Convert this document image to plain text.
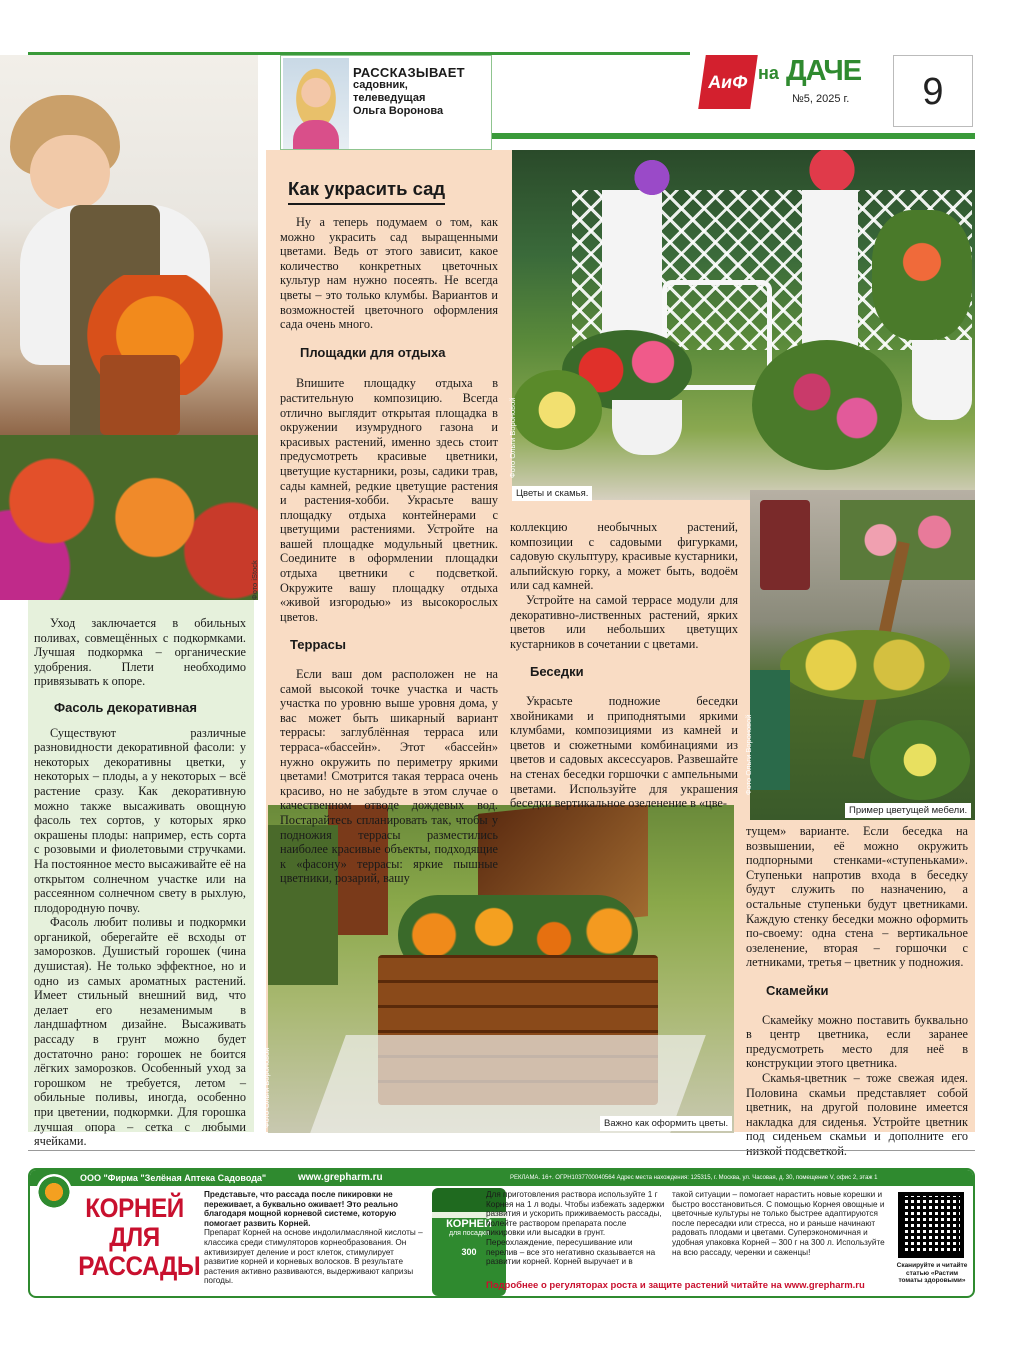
РАССКАЗЫВАЕТ
садовник,
телеведущая
Ольга Воронова
АиФ на ДАЧЕ
№5, 2025 г.	9
Фото iStock

Уход заключается в обильных поливах, совмещённых с подкормками. Лучшая подкормка – органические удобрения. Плети необходимо привязывать к опоре.

Фасоль декоративная

Существуют различные разновидности декоративной фасоли: у некоторых декоративны цветки, у некоторых – плоды, а у некоторых – всё растение сразу. Как декоративную можно также высаживать овощную фасоль тех сортов, у которых ярко окрашены плоды: например, есть сорта с розовыми и фиолетовыми стручками. На постоянное место высаживайте её на открытом солнечном участке или на рассеянном солнечном свету в рыхлую, плодородную почву.

Фасоль любит поливы и подкормки органикой, оберегайте её всходы от заморозков. Душистый горошек (чина душистая). Не только эффектное, но и одно из самых ароматных растений. Имеет стильный внешний вид, что делает его незаменимым в ландшафтном дизайне. Высаживать рассаду в грунт можно будет достаточно рано: горошек не боится лёгких заморозков. Особенный уход за горошком не требуется, летом – обильные поливы, иногда, особенно при цветении, подкормки. Для горошка лучшая опора – сетка с любыми ячейками.

Цветы и скамья.
Фото Ольги Вороновой
Пример цветущей мебели.
Фото Ольги Вороновой
Важно как оформить цветы.
Фото Ольги Вороновой
Как украсить сад

Ну а теперь подумаем о том, как можно украсить сад выращенными цветами. Ведь от этого зависит, какое количество конкретных цветочных культур нам нужно посеять. Не всегда цветы – это только клумбы. Вариантов и возможностей цветочного оформления сада очень много.

Площадки для отдыха

Впишите площадку отдыха в растительную композицию. Всегда отлично выглядит открытая площадка в окружении изумрудного газона и красивых растений, именно здесь стоит предусмотреть красивые цветники, цветущие кустарники, розы, садики трав, сады камней, редкие цветущие растения и растения-хобби. Украсьте вашу площадку отдыха контейнерами с цветущими растениями. Устройте на вашей площадке модульный цветник. Соедините в оформлении площадки отдыха цветники с подсветкой. Окружите вашу площадку отдыха «живой изгородью» из высокорослых цветов.

Террасы

Если ваш дом расположен не на самой высокой точке участка и часть участка по уровню выше уровня дома, у вас может быть шикарный вариант террасы: заглублённая терраса или терраса-«бассейн». Этот «бассейн» нужно окружить по периметру яркими цветами! Смотрится такая терраса очень красиво, но не забудьте в этом случае о качественном отводе дождевых вод. Постарайтесь спланировать так, чтобы у подножия террасы разместились наиболее красивые объекты, подходящие к «фасону» террасы: яркие пышные цветники, розарий, вашу

коллекцию необычных растений, композиции с садовыми фигурками, садовую скульптуру, красивые кустарники, альпийскую горку, а может быть, водоём или сад камней.

Устройте на самой террасе модули для декоративно-лиственных растений, ярких цветов или небольших цветущих кустарников в сочетании с цветами.

Беседки

Украсьте подножие беседки хвойниками и приподнятыми яркими клумбами, композициями из камней и цветов и сюжетными комбинациями из цветов и садовых аксессуаров. Развешайте на стенах беседки горшочки с ампельными цветами. Используйте для украшения беседки вертикальное озеленение в «цве-

тущем» варианте. Если беседка на возвышении, её можно окружить подпорными стенками-«ступеньками». Ступеньки напротив входа в беседку будут служить по назначению, а остальные ступеньки будут цветниками. Каждую стенку беседки можно оформить по-своему: одна стена – вертикальное озеленение, вторая – горшочки с летниками, третья – цветник у подножия.

Скамейки

Скамейку можно поставить буквально в центр цветника, если заранее предусмотреть место для неё в конструкции этого цветника.

Скамья-цветник – тоже свежая идея. Половина скамьи представляет собой цветник, на другой половине имеется накладка для сиденья. Устройте цветник под сиденьем скамьи и дополните его

ООО "Фирма "Зелёная Аптека Садовода"	www.grepharm.ru	РЕКЛАМА. 16+. ОГРН1037700040564 Адрес места нахождения: 125315, г. Москва, ул. Часовая, д. 30, помещение V, офис 2, этаж 1
КОРНЕЙ
ДЛЯ
РАССАДЫ
Представьте, что рассада после пикировки не переживает, а буквально оживает! Это реально благодаря мощной корневой системе, которую помогает развить Корней.
Препарат Корней на основе индолилмасляной кислоты – классика среди стимуляторов корнеобразования. Он активизирует деление и рост клеток, стимулирует развитие корней и корневых волосков. В результате растения активно развиваются, выдерживают капризы погоды.
КОРНЕЙ
для посадки
300
Для приготовления раствора используйте 1 г Корнея на 1 л воды. Чтобы избежать задержки развития и ускорить приживаемость рассады, полейте раствором препарата после пикировки или высадки в грунт. Переохлаждение, пересушивание или перелив – все это негативно сказывается на развитии корней. Корней выручает и в
такой ситуации – помогает нарастить новые корешки и быстро восстановиться. С помощью Корнея овощные и цветочные культуры не только быстрее адаптируются после пересадки или стресса, но и раньше начинают радовать плодами и цветами. Суперэкономичная и удобная упаковка Корней – 300 г на 300 л. Используйте на всю рассаду, черенки и саженцы!
Подробнее о регуляторах роста и защите растений читайте на www.grepharm.ru
Сканируйте и читайте статью «Растим томаты здоровыми»
